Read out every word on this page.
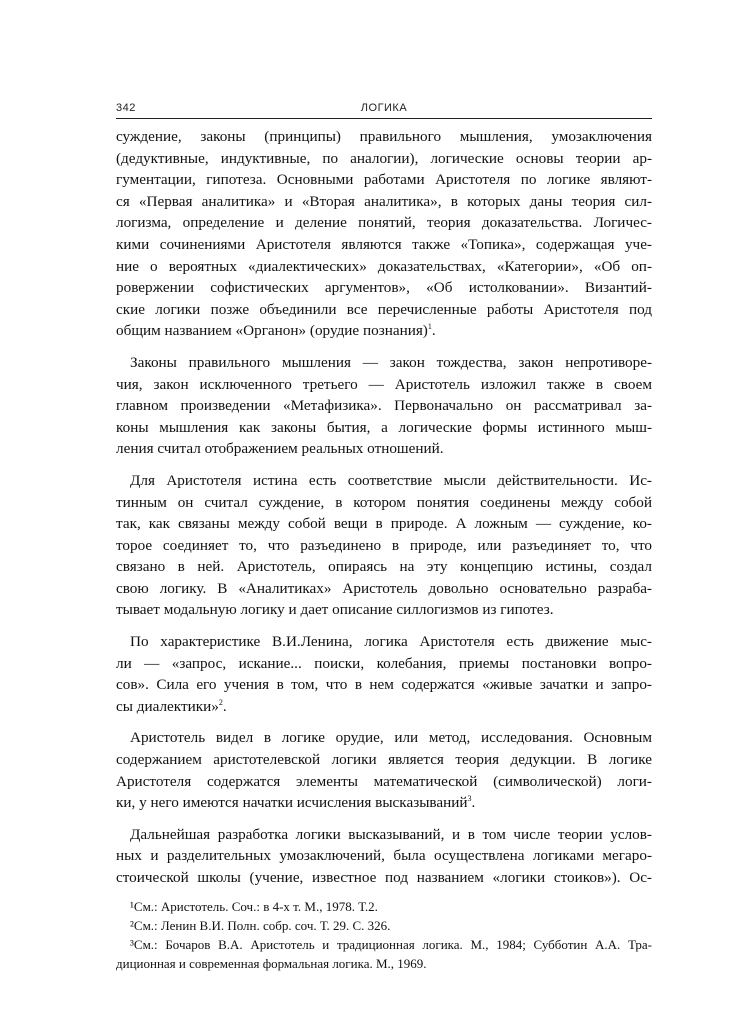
342	ЛОГИКА

суждение, законы (принципы) правильного мышления, умозаключения
(дедуктивные, индуктивные, по аналогии), логические основы теории ар-
гументации, гипотеза. Основными работами Аристотеля по логике являют-
ся «Первая аналитика» и «Вторая аналитика», в которых даны теория сил-
логизма, определение и деление понятий, теория доказательства. Логичес-
кими сочинениями Аристотеля являются также «Топика», содержащая уче-
ние о вероятных «диалектических» доказательствах, «Категории», «Об оп-
ровержении софистических аргументов», «Об истолковании». Византий-
ские логики позже объединили все перечисленные работы Аристотеля под
общим названием «Органон» (орудие познания)$^1$.

Законы правильного мышления — закон тождества, закон непротиворе-
чия, закон исключенного третьего — Аристотель изложил также в своем
главном произведении «Метафизика». Первоначально он рассматривал за-
коны мышления как законы бытия, а логические формы истинного мыш-
ления считал отображением реальных отношений.

Для Аристотеля истина есть соответствие мысли действительности. Ис-
тинным он считал суждение, в котором понятия соединены между собой
так, как связаны между собой вещи в природе. А ложным — суждение, ко-
торое соединяет то, что разъединено в природе, или разъединяет то, что
связано в ней. Аристотель, опираясь на эту концепцию истины, создал
свою логику. В «Аналитиках» Аристотель довольно основательно разраба-
тывает модальную логику и дает описание силлогизмов из гипотез.

По характеристике В.И.Ленина, логика Аристотеля есть движение мыс-
ли — «запрос, искание... поиски, колебания, приемы постановки вопро-
сов». Сила его учения в том, что в нем содержатся «живые зачатки и запро-
сы диалектики»$^2$.

Аристотель видел в логике орудие, или метод, исследования. Основным
содержанием аристотелевской логики является теория дедукции. В логике
Аристотеля содержатся элементы математической (символической) логи-
ки, у него имеются начатки исчисления высказываний$^3$.

Дальнейшая разработка логики высказываний, и в том числе теории услов-
ных и разделительных умозаключений, была осуществлена логиками мегаро-
стоической школы (учение, известное под названием «логики стоиков»). Ос-

¹См.: Аристотель. Соч.: в 4-х т. М., 1978. Т.2.
²См.: Ленин В.И. Полн. собр. соч. Т. 29. С. 326.
³См.: Бочаров В.А. Аристотель и традиционная логика. М., 1984; Субботин А.А. Тра-
диционная и современная формальная логика. М., 1969.
